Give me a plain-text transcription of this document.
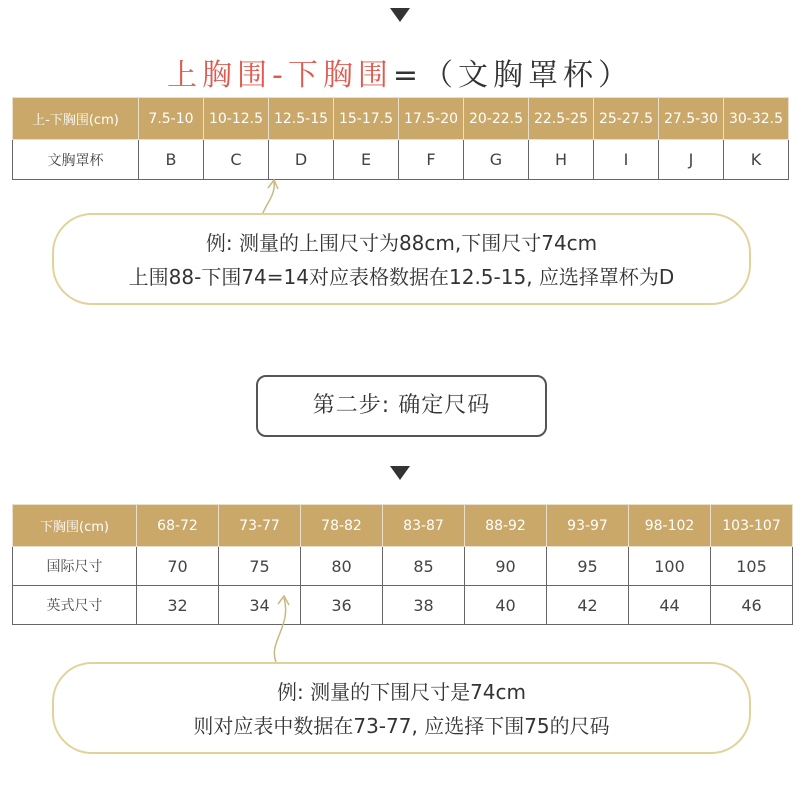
上胸围-下胸围=（文胸罩杯）
上-下胸围(cm)	7.5-10	10-12.5	12.5-15	15-17.5	17.5-20	20-22.5	22.5-25	25-27.5	27.5-30	30-32.5
文胸罩杯	B	C	D	E	F	G	H	I	J	K
例: 测量的上围尺寸为88cm,下围尺寸74cm
上围88-下围74=14对应表格数据在12.5-15, 应选择罩杯为D
第二步: 确定尺码
下胸围(cm)	68-72	73-77	78-82	83-87	88-92	93-97	98-102	103-107
国际尺寸	70	75	80	85	90	95	100	105
英式尺寸	32	34	36	38	40	42	44	46
例: 测量的下围尺寸是74cm
则对应表中数据在73-77, 应选择下围75的尺码
